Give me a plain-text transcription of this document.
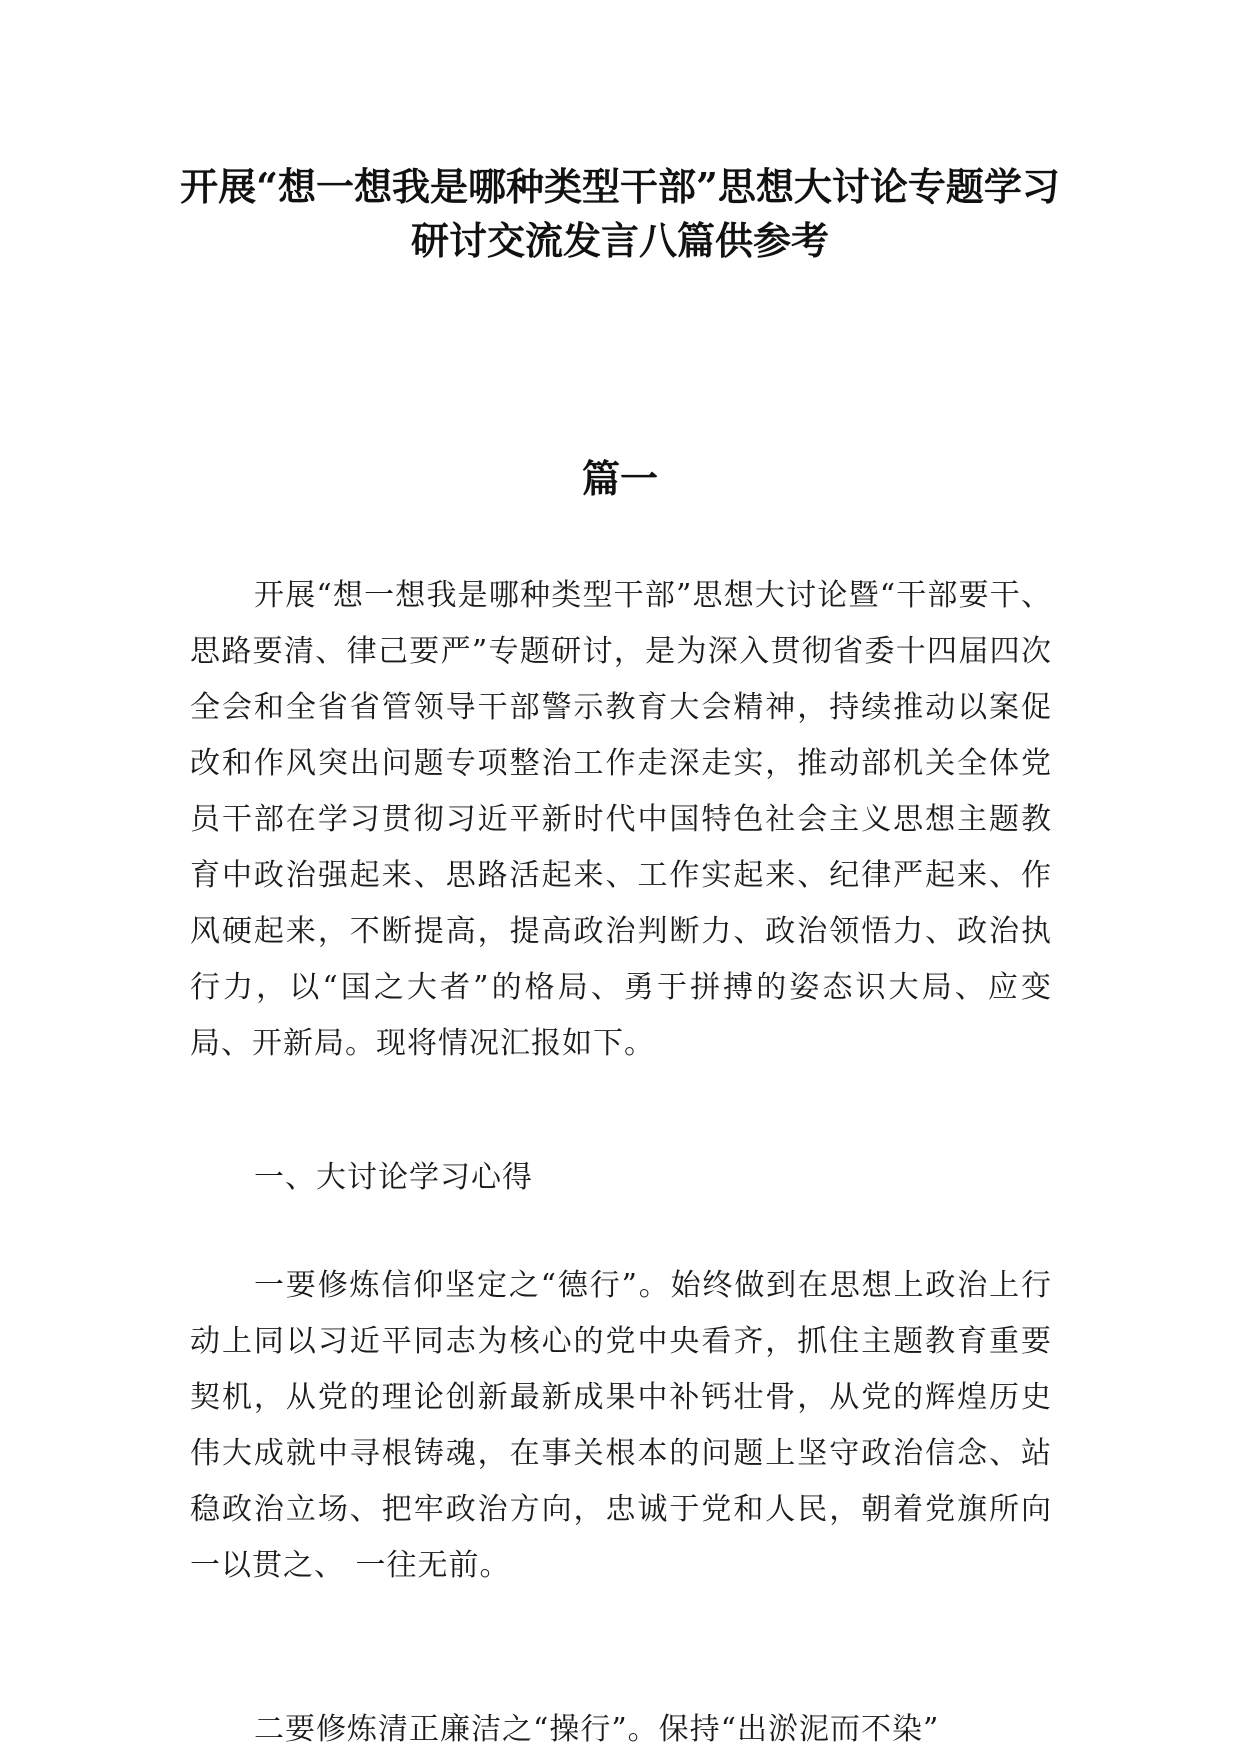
开展“想一想我是哪种类型干部”思想大讨论专题学习研讨交流发言八篇供参考
篇一

开展“想一想我是哪种类型干部”思想大讨论暨“干部要干、思路要清、律己要严”专题研讨，是为深入贯彻省委十四届四次全会和全省省管领导干部警示教育大会精神，持续推动以案促改和作风突出问题专项整治工作走深走实，推动部机关全体党员干部在学习贯彻习近平新时代中国特色社会主义思想主题教育中政治强起来、思路活起来、工作实起来、纪律严起来、作风硬起来，不断提高，提高政治判断力、政治领悟力、政治执行力，以“国之大者”的格局、勇于拼搏的姿态识大局、应变局、开新局。现将情况汇报如下。

一、大讨论学习心得

一要修炼信仰坚定之“德行”。始终做到在思想上政治上行动上同以习近平同志为核心的党中央看齐，抓住主题教育重要契机，从党的理论创新最新成果中补钙壮骨，从党的辉煌历史伟大成就中寻根铸魂，在事关根本的问题上坚守政治信念、站稳政治立场、把牢政治方向，忠诚于党和人民，朝着党旗所向一以贯之、 一往无前。

二要修炼清正廉洁之“操行”。保持“出淤泥而不染”
